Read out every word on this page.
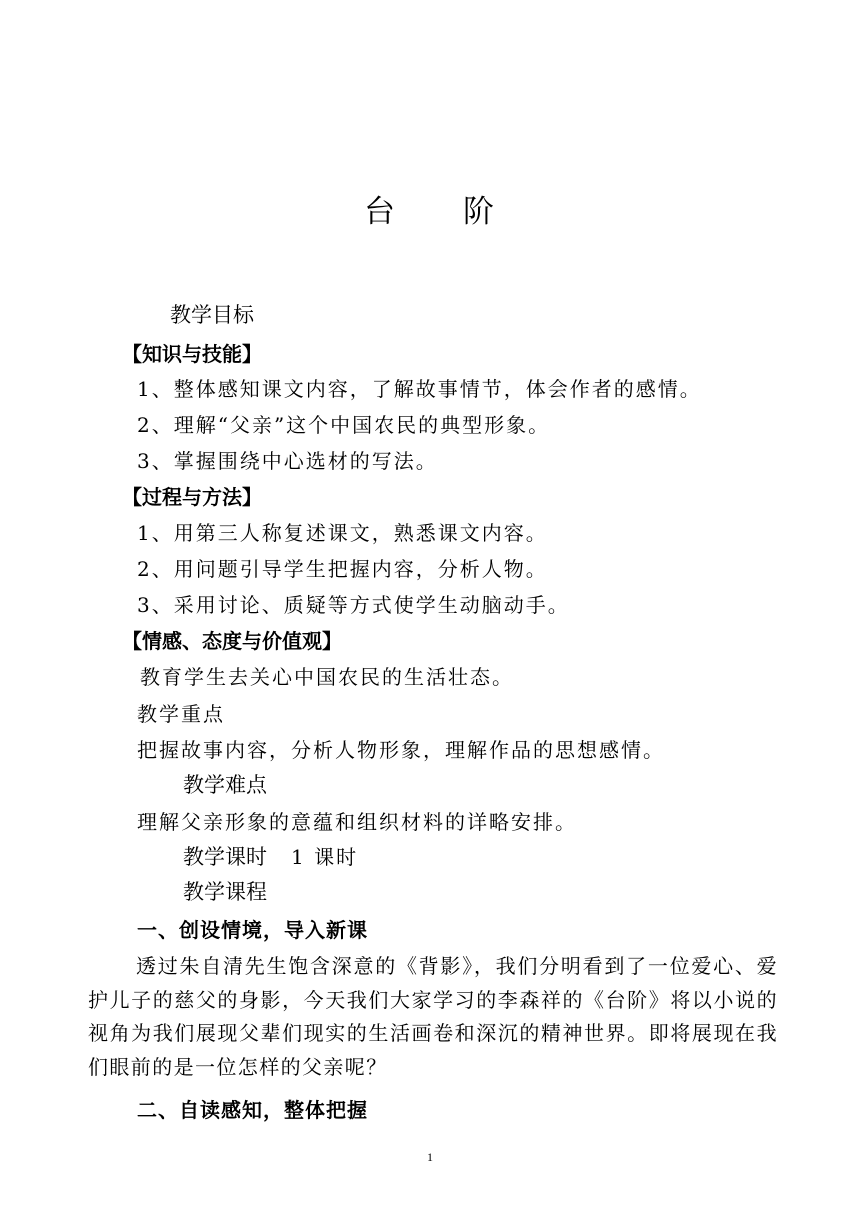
台 阶
教学目标
【知识与技能】
1、整体感知课文内容，了解故事情节，体会作者的感情。
2、理解“父亲”这个中国农民的典型形象。
3、掌握围绕中心选材的写法。
【过程与方法】
1、用第三人称复述课文，熟悉课文内容。
2、用问题引导学生把握内容，分析人物。
3、采用讨论、质疑等方式使学生动脑动手。
【情感、态度与价值观】
教育学生去关心中国农民的生活壮态。
教学重点
把握故事内容，分析人物形象，理解作品的思想感情。
教学难点
理解父亲形象的意蕴和组织材料的详略安排。
教学课时 1 课时
教学课程
一、创设情境，导入新课
透过朱自清先生饱含深意的《背影》，我们分明看到了一位爱心、爱护儿子的慈父的身影，今天我们大家学习的李森祥的《台阶》将以小说的视角为我们展现父辈们现实的生活画卷和深沉的精神世界。即将展现在我们眼前的是一位怎样的父亲呢？
二、自读感知，整体把握
1
